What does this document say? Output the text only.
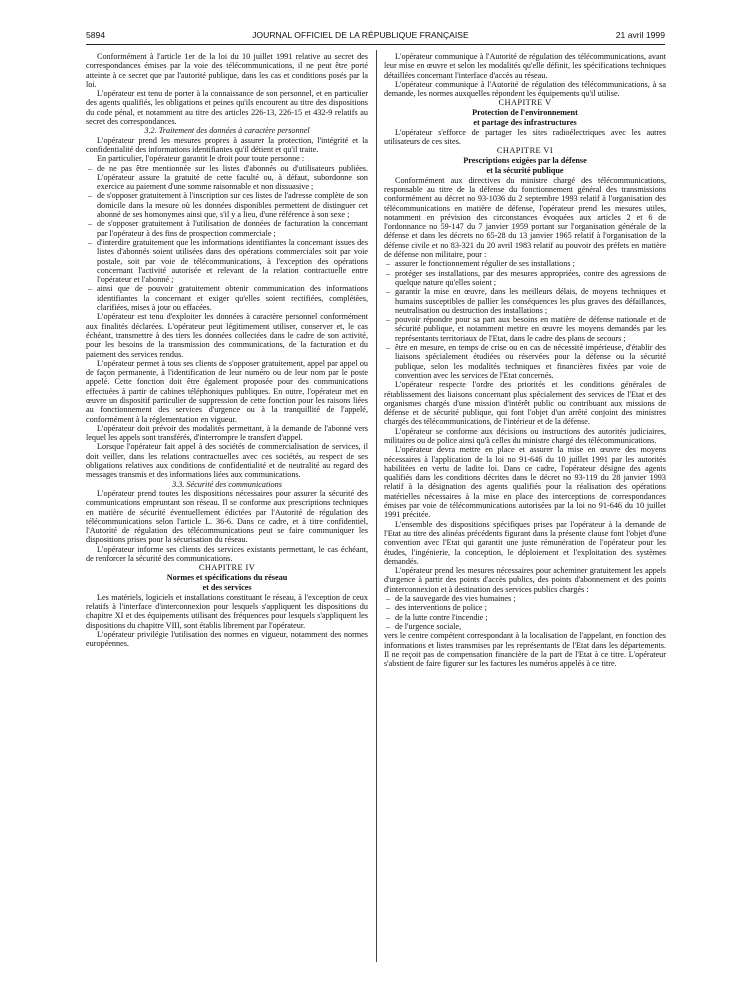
5894	JOURNAL OFFICIEL DE LA RÉPUBLIQUE FRANÇAISE	21 avril 1999

Conformément à l'article 1er de la loi du 10 juillet 1991 relative au secret des correspondances émises par la voie des télécommunications, il ne peut être porté atteinte à ce secret que par l'autorité publique, dans les cas et conditions posés par la loi.

L'opérateur est tenu de porter à la connaissance de son personnel, et en particulier des agents qualifiés, les obligations et peines qu'ils encourent au titre des dispositions du code pénal, et notamment au titre des articles 226-13, 226-15 et 432-9 relatifs au secret des correspondances.

3.2. Traitement des données à caractère personnel

L'opérateur prend les mesures propres à assurer la protection, l'intégrité et la confidentialité des informations identifiantes qu'il détient et qu'il traite.

En particulier, l'opérateur garantit le droit pour toute personne :

– de ne pas être mentionnée sur les listes d'abonnés ou d'utilisateurs publiées. L'opérateur assure la gratuité de cette faculté ou, à défaut, subordonne son exercice au paiement d'une somme raisonnable et non dissuasive ;
– de s'opposer gratuitement à l'inscription sur ces listes de l'adresse complète de son domicile dans la mesure où les données disponibles permettent de distinguer cet abonné de ses homonymes ainsi que, s'il y a lieu, d'une référence à son sexe ;
– de s'opposer gratuitement à l'utilisation de données de facturation la concernant par l'opérateur à des fins de prospection commerciale ;
– d'interdire gratuitement que les informations identifiantes la concernant issues des listes d'abonnés soient utilisées dans des opérations commerciales soit par voie postale, soit par voie de télécommunications, à l'exception des opérations concernant l'activité autorisée et relevant de la relation contractuelle entre l'opérateur et l'abonné ;
– ainsi que de pouvoir gratuitement obtenir communication des informations identifiantes la concernant et exiger qu'elles soient rectifiées, complétées, clarifiées, mises à jour ou effacées.

L'opérateur est tenu d'exploiter les données à caractère personnel conformément aux finalités déclarées. L'opérateur peut légitimement utiliser, conserver et, le cas échéant, transmettre à des tiers les données collectées dans le cadre de son activité, pour les besoins de la transmission des communications, de la facturation et du paiement des services rendus.

L'opérateur permet à tous ses clients de s'opposer gratuitement, appel par appel ou de façon permanente, à l'identification de leur numéro ou de leur nom par le poste appelé. Cette fonction doit être également proposée pour des communications effectuées à partir de cabines téléphoniques publiques. En outre, l'opérateur met en œuvre un dispositif particulier de suppression de cette fonction pour les raisons liées au fonctionnement des services d'urgence ou à la tranquillité de l'appelé, conformément à la réglementation en vigueur.

L'opérateur doit prévoir des modalités permettant, à la demande de l'abonné vers lequel les appels sont transférés, d'interrompre le transfert d'appel.

Lorsque l'opérateur fait appel à des sociétés de commercialisation de services, il doit veiller, dans les relations contractuelles avec ces sociétés, au respect de ses obligations relatives aux conditions de confidentialité et de neutralité au regard des messages transmis et des informations liées aux communications.

3.3. Sécurité des communications

L'opérateur prend toutes les dispositions nécessaires pour assurer la sécurité des communications empruntant son réseau. Il se conforme aux prescriptions techniques en matière de sécurité éventuellement édictées par l'Autorité de régulation des télécommunications selon l'article L. 36-6. Dans ce cadre, et à titre confidentiel, l'Autorité de régulation des télécommunications peut se faire communiquer les dispositions prises pour la sécurisation du réseau.

L'opérateur informe ses clients des services existants permettant, le cas échéant, de renforcer la sécurité des communications.

CHAPITRE IV

Normes et spécifications du réseau
et des services

Les matériels, logiciels et installations constituant le réseau, à l'exception de ceux relatifs à l'interface d'interconnexion pour lesquels s'appliquent les dispositions du chapitre XI et des équipements utilisant des fréquences pour lesquels s'appliquent les dispositions du chapitre VIII, sont établis librement par l'opérateur.

L'opérateur privilégie l'utilisation des normes en vigueur, notamment des normes européennes.

L'opérateur communique à l'Autorité de régulation des télécommunications, avant leur mise en œuvre et selon les modalités qu'elle définit, les spécifications techniques détaillées concernant l'interface d'accès au réseau.

L'opérateur communique à l'Autorité de régulation des télécommunications, à sa demande, les normes auxquelles répondent les équipements qu'il utilise.

CHAPITRE V

Protection de l'environnement
et partage des infrastructures

L'opérateur s'efforce de partager les sites radioélectriques avec les autres utilisateurs de ces sites.

CHAPITRE VI

Prescriptions exigées par la défense
et la sécurité publique

Conformément aux directives du ministre chargé des télécommunications, responsable au titre de la défense du fonctionnement général des transmissions conformément au décret no 93-1036 du 2 septembre 1993 relatif à l'organisation des télécommunications en matière de défense, l'opérateur prend les mesures utiles, notamment en prévision des circonstances évoquées aux articles 2 et 6 de l'ordonnance no 59-147 du 7 janvier 1959 portant sur l'organisation générale de la défense et dans les décrets no 65-28 du 13 janvier 1965 relatif à l'organisation de la défense civile et no 83-321 du 20 avril 1983 relatif au pouvoir des préfets en matière de défense non militaire, pour :

– assurer le fonctionnement régulier de ses installations ;
– protéger ses installations, par des mesures appropriées, contre des agressions de quelque nature qu'elles soient ;
– garantir la mise en œuvre, dans les meilleurs délais, de moyens techniques et humains susceptibles de pallier les conséquences les plus graves des défaillances, neutralisation ou destruction des installations ;
– pouvoir répondre pour sa part aux besoins en matière de défense nationale et de sécurité publique, et notamment mettre en œuvre les moyens demandés par les représentants territoriaux de l'Etat, dans le cadre des plans de secours ;
– être en mesure, en temps de crise ou en cas de nécessité impérieuse, d'établir des liaisons spécialement étudiées ou réservées pour la défense ou la sécurité publique, selon les modalités techniques et financières fixées par voie de convention avec les services de l'Etat concernés.

L'opérateur respecte l'ordre des priorités et les conditions générales de rétablissement des liaisons concernant plus spécialement des services de l'Etat et des organismes chargés d'une mission d'intérêt public ou contribuant aux missions de défense et de sécurité publique, qui font l'objet d'un arrêté conjoint des ministres chargés des télécommunications, de l'intérieur et de la défense.

L'opérateur se conforme aux décisions ou instructions des autorités judiciaires, militaires ou de police ainsi qu'à celles du ministre chargé des télécommunications.

L'opérateur devra mettre en place et assurer la mise en œuvre des moyens nécessaires à l'application de la loi no 91-646 du 10 juillet 1991 par les autorités habilitées en vertu de ladite loi. Dans ce cadre, l'opérateur désigne des agents qualifiés dans les conditions décrites dans le décret no 93-119 du 28 janvier 1993 relatif à la désignation des agents qualifiés pour la réalisation des opérations matérielles nécessaires à la mise en place des interceptions de correspondances émises par voie de télécommunications autorisées par la loi no 91-646 du 10 juillet 1991 précitée.

L'ensemble des dispositions spécifiques prises par l'opérateur à la demande de l'Etat au titre des alinéas précédents figurant dans la présente clause font l'objet d'une convention avec l'Etat qui garantit une juste rémunération de l'opérateur pour les études, l'ingénierie, la conception, le déploiement et l'exploitation des systèmes demandés.

L'opérateur prend les mesures nécessaires pour acheminer gratuitement les appels d'urgence à partir des points d'accès publics, des points d'abonnement et des points d'interconnexion et à destination des services publics chargés :

– de la sauvegarde des vies humaines ;
– des interventions de police ;
– de la lutte contre l'incendie ;
– de l'urgence sociale,

vers le centre compétent correspondant à la localisation de l'appelant, en fonction des informations et listes transmises par les représentants de l'Etat dans les départements. Il ne reçoit pas de compensation financière de la part de l'Etat à ce titre. L'opérateur s'abstient de faire figurer sur les factures les numéros appelés à ce titre.
